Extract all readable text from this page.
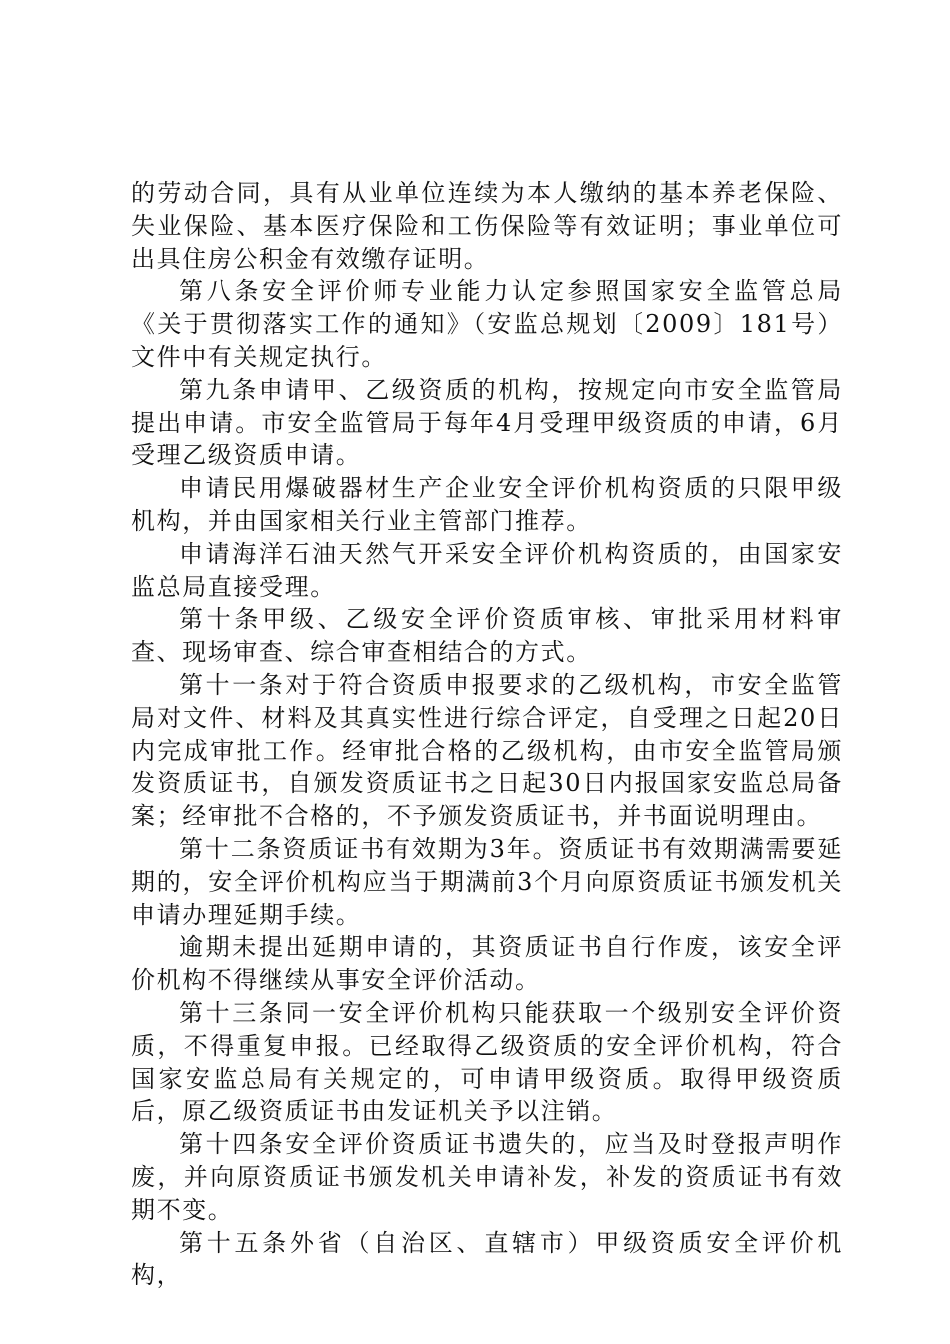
的劳动合同，具有从业单位连续为本人缴纳的基本养老保险、失业保险、基本医疗保险和工伤保险等有效证明；事业单位可出具住房公积金有效缴存证明。

第八条安全评价师专业能力认定参照国家安全监管总局《关于贯彻落实工作的通知》（安监总规划〔2009〕181号）文件中有关规定执行。

第九条申请甲、乙级资质的机构，按规定向市安全监管局提出申请。市安全监管局于每年4月受理甲级资质的申请，6月受理乙级资质申请。

申请民用爆破器材生产企业安全评价机构资质的只限甲级机构，并由国家相关行业主管部门推荐。

申请海洋石油天然气开采安全评价机构资质的，由国家安监总局直接受理。

第十条甲级、乙级安全评价资质审核、审批采用材料审查、现场审查、综合审查相结合的方式。

第十一条对于符合资质申报要求的乙级机构，市安全监管局对文件、材料及其真实性进行综合评定，自受理之日起20日内完成审批工作。经审批合格的乙级机构，由市安全监管局颁发资质证书，自颁发资质证书之日起30日内报国家安监总局备案；经审批不合格的，不予颁发资质证书，并书面说明理由。

第十二条资质证书有效期为3年。资质证书有效期满需要延期的，安全评价机构应当于期满前3个月向原资质证书颁发机关申请办理延期手续。

逾期未提出延期申请的，其资质证书自行作废，该安全评价机构不得继续从事安全评价活动。

第十三条同一安全评价机构只能获取一个级别安全评价资质，不得重复申报。已经取得乙级资质的安全评价机构，符合国家安监总局有关规定的，可申请甲级资质。取得甲级资质后，原乙级资质证书由发证机关予以注销。

第十四条安全评价资质证书遗失的，应当及时登报声明作废，并向原资质证书颁发机关申请补发，补发的资质证书有效期不变。

第十五条外省（自治区、直辖市）甲级资质安全评价机构，
